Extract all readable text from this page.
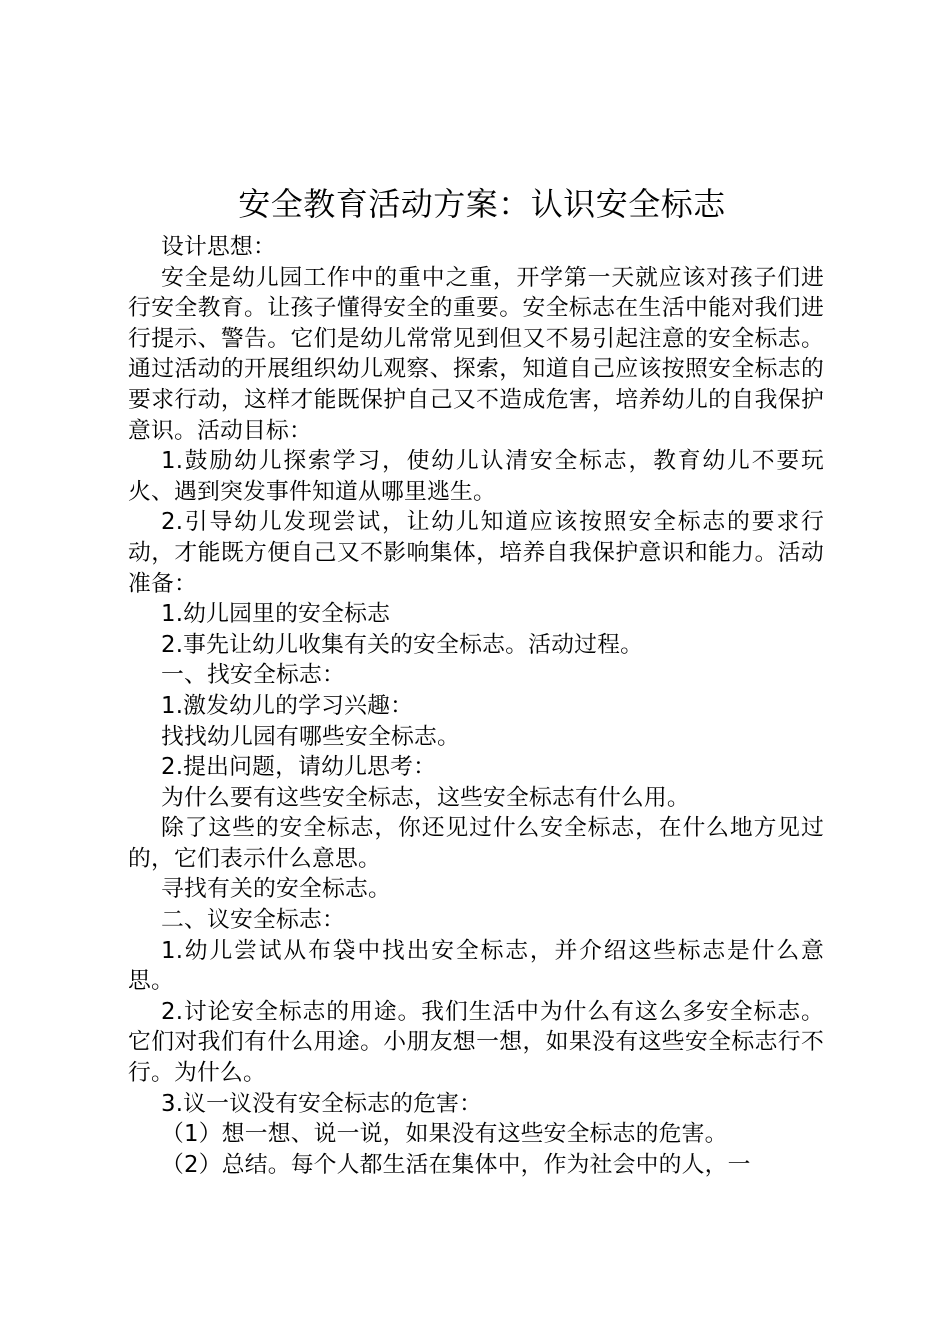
安全教育活动方案：认识安全标志

设计思想：

安全是幼儿园工作中的重中之重，开学第一天就应该对孩子们进行安全教育。让孩子懂得安全的重要。安全标志在生活中能对我们进行提示、警告。它们是幼儿常常见到但又不易引起注意的安全标志。通过活动的开展组织幼儿观察、探索，知道自己应该按照安全标志的要求行动，这样才能既保护自己又不造成危害，培养幼儿的自我保护意识。活动目标：

1.鼓励幼儿探索学习，使幼儿认清安全标志，教育幼儿不要玩火、遇到突发事件知道从哪里逃生。

2.引导幼儿发现尝试，让幼儿知道应该按照安全标志的要求行动，才能既方便自己又不影响集体，培养自我保护意识和能力。活动准备：

1.幼儿园里的安全标志

2.事先让幼儿收集有关的安全标志。活动过程。

一、找安全标志：

1.激发幼儿的学习兴趣：

找找幼儿园有哪些安全标志。

2.提出问题，请幼儿思考：

为什么要有这些安全标志，这些安全标志有什么用。

除了这些的安全标志，你还见过什么安全标志，在什么地方见过的，它们表示什么意思。

寻找有关的安全标志。

二、议安全标志：

1.幼儿尝试从布袋中找出安全标志，并介绍这些标志是什么意思。

2.讨论安全标志的用途。我们生活中为什么有这么多安全标志。它们对我们有什么用途。小朋友想一想，如果没有这些安全标志行不行。为什么。

3.议一议没有安全标志的危害：

（1）想一想、说一说，如果没有这些安全标志的危害。

（2）总结。每个人都生活在集体中，作为社会中的人，一
